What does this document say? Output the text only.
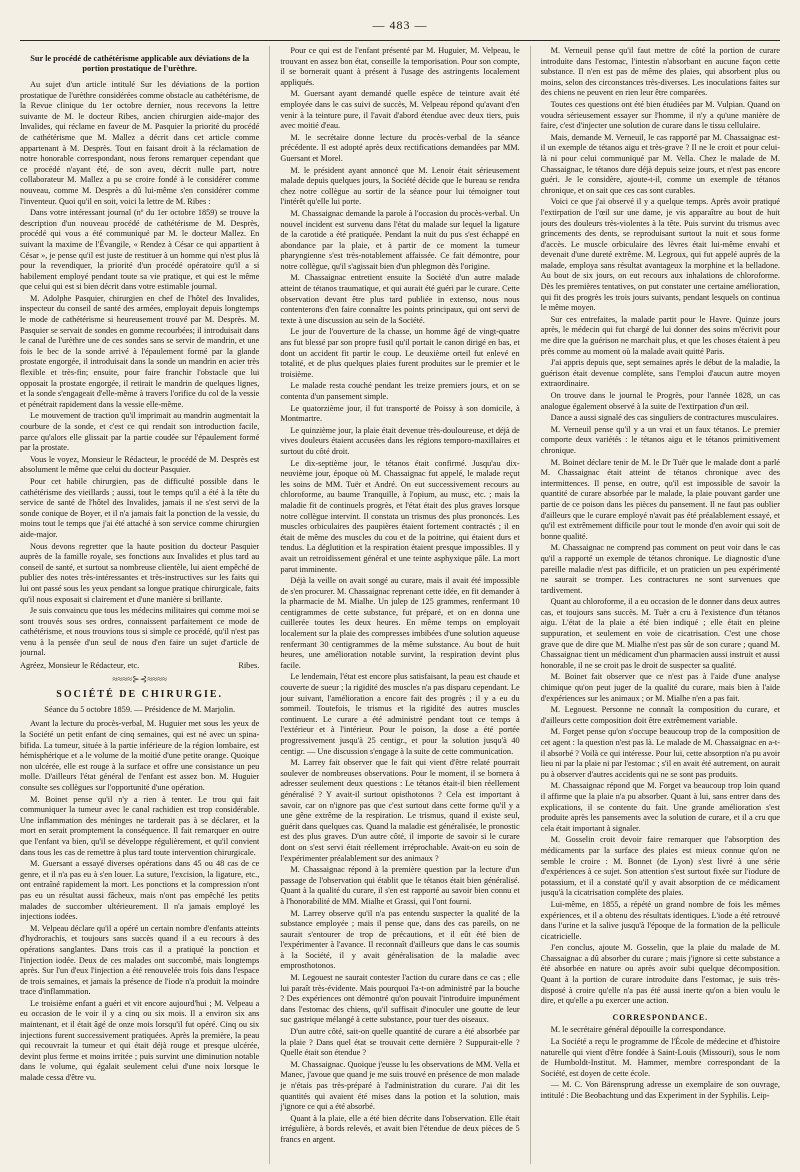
— 483 —
Sur le procédé de cathétérisme applicable aux déviations de la portion prostatique de l'urèthre.

Au sujet d'un article intitulé Sur les déviations de la portion prostatique de l'urèthre considérées comme obstacle au cathétérisme, de la Revue clinique du 1er octobre dernier, nous recevons la lettre suivante de M. le docteur Ribes, ancien chirurgien aide-major des Invalides, qui réclame en faveur de M. Pasquier la priorité du procédé de cathétérisme que M. Mallez a décrit dans cet article comme appartenant à M. Desprès. Tout en faisant droit à la réclamation de notre honorable correspondant, nous ferons remarquer cependant que ce procédé n'ayant été, de son aveu, décrit nulle part, notre collaborateur M. Mallez a pu se croire fondé à le considérer comme nouveau, comme M. Desprès a dû lui-même s'en considérer comme l'inventeur. Quoi qu'il en soit, voici la lettre de M. Ribes :

Dans votre intéressant journal (nº du 1er octobre 1859) se trouve la description d'un nouveau procédé de cathétérisme de M. Desprès, procédé qui vous a été communiqué par M. le docteur Mallez. En suivant la maxime de l'Évangile, « Rendez à César ce qui appartient à César », je pense qu'il est juste de restituer à un homme qui n'est plus là pour la revendiquer, la priorité d'un procédé opératoire qu'il a si habilement employé pendant toute sa vie pratique, et qui est le même que celui qui est si bien décrit dans votre estimable journal.

M. Adolphe Pasquier, chirurgien en chef de l'hôtel des Invalides, inspecteur du conseil de santé des armées, employait depuis longtemps le mode de cathétérisme si heureusement trouvé par M. Desprès. M. Pasquier se servait de sondes en gomme recourbées; il introduisait dans le canal de l'urèthre une de ces sondes sans se servir de mandrin, et une fois le bec de la sonde arrivé à l'épaulement formé par la glande prostate engorgée, il introduisait dans la sonde un mandrin en acier très flexible et très-fin; ensuite, pour faire franchir l'obstacle que lui opposait la prostate engorgée, il retirait le mandrin de quelques lignes, et la sonde s'engageait d'elle-même à travers l'orifice du col de la vessie et pénétrait rapidement dans la vessie elle-même.

Le mouvement de traction qu'il imprimait au mandrin augmentait la courbure de la sonde, et c'est ce qui rendait son introduction facile, parce qu'alors elle glissait par la partie coudée sur l'épaulement formé par la prostate.

Vous le voyez, Monsieur le Rédacteur, le procédé de M. Desprès est absolument le même que celui du docteur Pasquier.

Pour cet habile chirurgien, pas de difficulté possible dans le cathétérisme des vieillards ; aussi, tout le temps qu'il a été à la tête du service de santé de l'hôtel des Invalides, jamais il ne s'est servi de la sonde conique de Boyer, et il n'a jamais fait la ponction de la vessie, du moins tout le temps que j'ai été attaché à son service comme chirurgien aide-major.

Nous devons regretter que la haute position du docteur Pasquier auprès de la famille royale, ses fonctions aux Invalides et plus tard au conseil de santé, et surtout sa nombreuse clientèle, lui aient empêché de publier des notes très-intéressantes et très-instructives sur les faits qui lui ont passé sous les yeux pendant sa longue pratique chirurgicale, faits qu'il nous exposait si clairement et d'une manière si brillante.

Je suis convaincu que tous les médecins militaires qui comme moi se sont trouvés sous ses ordres, connaissent parfaitement ce mode de cathétérisme, et nous trouvions tous si simple ce procédé, qu'il n'est pas venu à la pensée d'un seul de nous d'en faire un sujet d'article de journal.

Agréez, Monsieur le Rédacteur, etc.	Ribes.
≈≈≈≈⊱⊰≈≈≈≈
SOCIÉTÉ DE CHIRURGIE.
Séance du 5 octobre 1859. — Présidence de M. Marjolin.

Avant la lecture du procès-verbal, M. Huguier met sous les yeux de la Société un petit enfant de cinq semaines, qui est né avec un spina-bifida. La tumeur, située à la partie inférieure de la région lombaire, est hémisphérique et a le volume de la moitié d'une petite orange. Quoique non ulcérée, elle est rouge à la surface et offre une consistance un peu molle. D'ailleurs l'état général de l'enfant est assez bon. M. Huguier consulte ses collègues sur l'opportunité d'une opération.

M. Boinet pense qu'il n'y a rien à tenter. Le trou qui fait communiquer la tumeur avec le canal rachidien est trop considérable. Une inflammation des méninges ne tarderait pas à se déclarer, et la mort en serait promptement la conséquence. Il fait remarquer en outre que l'enfant va bien, qu'il se développe régulièrement, et qu'il convient dans tous les cas de remettre à plus tard toute intervention chirurgicale.

M. Guersant a essayé diverses opérations dans 45 ou 48 cas de ce genre, et il n'a pas eu à s'en louer. La suture, l'excision, la ligature, etc., ont entraîné rapidement la mort. Les ponctions et la compression n'ont pas eu un résultat aussi fâcheux, mais n'ont pas empêché les petits malades de succomber ultérieurement. Il n'a jamais employé les injections iodées.

M. Velpeau déclare qu'il a opéré un certain nombre d'enfants atteints d'hydrorachis, et toujours sans succès quand il a eu recours à des opérations sanglantes. Dans trois cas il a pratiqué la ponction et l'injection iodée. Deux de ces malades ont succombé, mais longtemps après. Sur l'un d'eux l'injection a été renouvelée trois fois dans l'espace de trois semaines, et jamais la présence de l'iode n'a produit la moindre trace d'inflammation.

Le troisième enfant a guéri et vit encore aujourd'hui ; M. Velpeau a eu occasion de le voir il y a cinq ou six mois. Il a environ six ans maintenant, et il était âgé de onze mois lorsqu'il fut opéré. Cinq ou six injections furent successivement pratiquées. Après la première, la peau qui recouvrait la tumeur et qui était déjà rouge et presque ulcérée, devint plus ferme et moins irritée ; puis survint une diminution notable dans le volume, qui égalait seulement celui d'une noix lorsque le malade cessa d'être vu.

Pour ce qui est de l'enfant présenté par M. Huguier, M. Velpeau, le trouvant en assez bon état, conseille la temporisation. Pour son compte, il se bornerait quant à présent à l'usage des astringents localement appliqués.

M. Guersant ayant demandé quelle espèce de teinture avait été employée dans le cas suivi de succès, M. Velpeau répond qu'avant d'en venir à la teinture pure, il l'avait d'abord étendue avec deux tiers, puis avec moitié d'eau.

M. le secrétaire donne lecture du procès-verbal de la séance précédente. Il est adopté après deux rectifications demandées par MM. Guersant et Morel.

M. le président ayant annoncé que M. Lenoir était sérieusement malade depuis quelques jours, la Société décide que le bureau se rendra chez notre collègue au sortir de la séance pour lui témoigner tout l'intérêt qu'elle lui porte.

M. Chassaignac demande la parole à l'occasion du procès-verbal. Un nouvel incident est survenu dans l'état du malade sur lequel la ligature de la carotide a été pratiquée. Pendant la nuit du pus s'est échappé en abondance par la plaie, et à partir de ce moment la tumeur pharyngienne s'est très-notablement affaissée. Ce fait démontre, pour notre collègue, qu'il s'agissait bien d'un phlegmon dès l'origine.

M. Chassaignac entretient ensuite la Société d'un autre malade atteint de tétanos traumatique, et qui aurait été guéri par le curare. Cette observation devant être plus tard publiée in extenso, nous nous contenterons d'en faire connaître les points principaux, qui ont servi de texte à une discussion au sein de la Société.

Le jour de l'ouverture de la chasse, un homme âgé de vingt-quatre ans fut blessé par son propre fusil qu'il portait le canon dirigé en bas, et dont un accident fit partir le coup. Le deuxième orteil fut enlevé en totalité, et de plus quelques plaies furent produites sur le premier et le troisième.

Le malade resta couché pendant les treize premiers jours, et on se contenta d'un pansement simple.

Le quatorzième jour, il fut transporté de Poissy à son domicile, à Montmartre.

Le quinzième jour, la plaie était devenue très-douloureuse, et déjà de vives douleurs étaient accusées dans les régions temporo-maxillaires et surtout du côté droit.

Le dix-septième jour, le tétanos était confirmé. Jusqu'au dix-neuvième jour, époque où M. Chassaignac fut appelé, le malade reçut les soins de MM. Tuër et André. On eut successivement recours au chloroforme, au baume Tranquille, à l'opium, au musc, etc. ; mais la maladie fit de continuels progrès, et l'état était des plus graves lorsque notre collègue intervint. Il constata un trismus des plus prononcés. Les muscles orbiculaires des paupières étaient fortement contractés ; il en était de même des muscles du cou et de la poitrine, qui étaient durs et tendus. La déglutition et la respiration étaient presque impossibles. Il y avait un retroidissement général et une teinte asphyxique pâle. La mort parut imminente.

Déjà la veille on avait songé au curare, mais il avait été impossible de s'en procurer. M. Chassaignac reprenant cette idée, en fit demander à la pharmacie de M. Mialhe. Un julep de 125 grammes, renfermant 10 centigrammes de cette substance, fut préparé, et on en donna une cuillerée toutes les deux heures. En même temps on employait localement sur la plaie des compresses imbibées d'une solution aqueuse renfermant 30 centigrammes de la même substance. Au bout de huit heures, une amélioration notable survint, la respiration devint plus facile.

Le lendemain, l'état est encore plus satisfaisant, la peau est chaude et couverte de sueur ; la rigidité des muscles n'a pas disparu cependant. Le jour suivant, l'amélioration a encore fait des progrès ; il y a eu du sommeil. Toutefois, le trismus et la rigidité des autres muscles continuent. Le curare a été administré pendant tout ce temps à l'extérieur et à l'intérieur. Pour le poison, la dose a été portée progressivement jusqu'à 25 centigr., et pour la solution jusqu'à 40 centigr. — Une discussion s'engage à la suite de cette communication.

M. Larrey fait observer que le fait qui vient d'être relaté pourrait soulever de nombreuses observations. Pour le moment, il se bornera à adresser seulement deux questions : Le tétanos était-il bien réellement généralisé ? Y avait-il surtout opisthotonos ? Cela est important à savoir, car on n'ignore pas que c'est surtout dans cette forme qu'il y a une gêne extrême de la respiration. Le trismus, quand il existe seul, guérit dans quelques cas. Quand la maladie est généralisée, le pronostic est des plus graves. D'un autre côté, il importe de savoir si le curare dont on s'est servi était réellement irréprochable. Avait-on eu soin de l'expérimenter préalablement sur des animaux ?

M. Chassaignac répond à la première question par la lecture d'un passage de l'observation qui établit que le tétanos était bien généralisé. Quant à la qualité du curare, il s'en est rapporté au savoir bien connu et à l'honorabilité de MM. Mialhe et Grassi, qui l'ont fourni.

M. Larrey observe qu'il n'a pas entendu suspecter la qualité de la substance employée ; mais il pense que, dans des cas pareils, on ne saurait s'entourer de trop de précautions, et il eût été bien de l'expérimenter à l'avance. Il reconnaît d'ailleurs que dans le cas soumis à la Société, il y avait généralisation de la maladie avec emprosthotonos.

M. Legouest ne saurait contester l'action du curare dans ce cas ; elle lui paraît très-évidente. Mais pourquoi l'a-t-on administré par la bouche ? Des expériences ont démontré qu'on pouvait l'introduire impunément dans l'estomac des chiens, qu'il suffisait d'inoculer une goutte de leur suc gastrique mélangé à cette substance, pour tuer des oiseaux.

D'un autre côté, sait-on quelle quantité de curare a été absorbée par la plaie ? Dans quel état se trouvait cette dernière ? Suppurait-elle ? Quelle était son étendue ?

M. Chassaignac. Quoique j'eusse lu les observations de MM. Vella et Manec, j'avoue que quand je me suis trouvé en présence de mon malade je n'étais pas très-préparé à l'administration du curare. J'ai dit les quantités qui avaient été mises dans la potion et la solution, mais j'ignore ce qui a été absorbé.

Quant à la plaie, elle a été bien décrite dans l'observation. Elle était irrégulière, à bords relevés, et avait bien l'étendue de deux pièces de 5 francs en argent.

M. Verneuil pense qu'il faut mettre de côté la portion de curare introduite dans l'estomac, l'intestin n'absorbant en aucune façon cette substance. Il n'en est pas de même des plaies, qui absorbent plus ou moins, selon des circonstances très-diverses. Les inoculations faites sur des chiens ne peuvent en rien leur être comparées.

Toutes ces questions ont été bien étudiées par M. Vulpian. Quand on voudra sérieusement essayer sur l'homme, il n'y a qu'une manière de faire, c'est d'injecter une solution de curare dans le tissu cellulaire.

Mais, demande M. Verneuil, le cas rapporté par M. Chassaignac est-il un exemple de tétanos aigu et très-grave ? Il ne le croit et pour celui-là ni pour celui communiqué par M. Vella. Chez le malade de M. Chassaignac, le tétanos dure déjà depuis seize jours, et n'est pas encore guéri. Je le considère, ajoute-t-il, comme un exemple de tétanos chronique, et on sait que ces cas sont curables.

Voici ce que j'ai observé il y a quelque temps. Après avoir pratiqué l'extirpation de l'œil sur une dame, je vis apparaître au bout de huit jours des douleurs très-violentes à la tête. Puis survint du trismus avec grincements des dents, se reproduisant surtout la nuit et sous forme d'accès. Le muscle orbiculaire des lèvres était lui-même envahi et devenait d'une dureté extrême. M. Legroux, qui fut appelé auprès de la malade, employa sans résultat avantageux la morphine et la belladone. Au bout de six jours, on eut recours aux inhalations de chloroforme. Dès les premières tentatives, on put constater une certaine amélioration, qui fit des progrès les trois jours suivants, pendant lesquels on continua le même moyen.

Sur ces entrefaites, la malade partit pour le Havre. Quinze jours après, le médecin qui fut chargé de lui donner des soins m'écrivit pour me dire que la guérison ne marchait plus, et que les choses étaient à peu près comme au moment où la malade avait quitté Paris.

J'ai appris depuis que, sept semaines après le début de la maladie, la guérison était devenue complète, sans l'emploi d'aucun autre moyen extraordinaire.

On trouve dans le journal le Progrès, pour l'année 1828, un cas analogue également observé à la suite de l'extirpation d'un œil.

Dance a aussi signalé des cas singuliers de contractures musculaires.

M. Verneuil pense qu'il y a un vrai et un faux tétanos. Le premier comporte deux variétés : le tétanos aigu et le tétanos primitivement chronique.

M. Boinet déclare tenir de M. le Dr Tuër que le malade dont a parlé M. Chassaignac était atteint de tétanos chronique avec des intermittences. Il pense, en outre, qu'il est impossible de savoir la quantité de curare absorbée par le malade, la plaie pouvant garder une partie de ce poison dans les pièces du pansement. Il ne faut pas oublier d'ailleurs que le curare employé n'avait pas été préalablement essayé, et qu'il est extrêmement difficile pour tout le monde d'en avoir qui soit de bonne qualité.

M. Chassaignac ne comprend pas comment on peut voir dans le cas qu'il a rapporté un exemple de tétanos chronique. Le diagnostic d'une pareille maladie n'est pas difficile, et un praticien un peu expérimenté ne saurait se tromper. Les contractures ne sont survenues que tardivement.

Quant au chloroforme, il a eu occasion de le donner dans deux autres cas, et toujours sans succès. M. Tuër a cru à l'existence d'un tétanos aigu. L'état de la plaie a été bien indiqué ; elle était en pleine suppuration, et seulement en voie de cicatrisation. C'est une chose grave que de dire que M. Mialhe n'est pas sûr de son curare ; quand M. Chassaignac tient un médicament d'un pharmacien aussi instruit et aussi honorable, il ne se croit pas le droit de suspecter sa qualité.

M. Boinet fait observer que ce n'est pas à l'aide d'une analyse chimique qu'on peut juger de la qualité du curare, mais bien à l'aide d'expériences sur les animaux ; or M. Mialhe n'en a pas fait.

M. Legouest. Personne ne connaît la composition du curare, et d'ailleurs cette composition doit être extrêmement variable.

M. Forget pense qu'on s'occupe beaucoup trop de la composition de cet agent : la question n'est pas là. Le malade de M. Chassaignac en a-t-il absorbé ? Voilà ce qui intéresse. Pour lui, cette absorption n'a pu avoir lieu ni par la plaie ni par l'estomac ; s'il en avait été autrement, on aurait pu à observer d'autres accidents qui ne se sont pas produits.

M. Chassaignac répond que M. Forget va beaucoup trop loin quand il affirme que la plaie n'a pu absorber. Quant à lui, sans entrer dans des explications, il se contente du fait. Une grande amélioration s'est produite après les pansements avec la solution de curare, et il a cru que cela était important à signaler.

M. Gosselin croit devoir faire remarquer que l'absorption des médicaments par la surface des plaies est mieux connue qu'on ne semble le croire : M. Bonnet (de Lyon) s'est livré à une série d'expériences à ce sujet. Son attention s'est surtout fixée sur l'iodure de potassium, et il a constaté qu'il y avait absorption de ce médicament jusqu'à la cicatrisation complète des plaies.

Lui-même, en 1855, a répété un grand nombre de fois les mêmes expériences, et il a obtenu des résultats identiques. L'iode a été retrouvé dans l'urine et la salive jusqu'à l'époque de la formation de la pellicule cicatricielle.

J'en conclus, ajoute M. Gosselin, que la plaie du malade de M. Chassaignac a dû absorber du curare ; mais j'ignore si cette substance a été absorbée en nature ou après avoir subi quelque décomposition. Quant à la portion de curare introduite dans l'estomac, je suis très-disposé à croire qu'elle n'a pas été aussi inerte qu'on a bien voulu le dire, et qu'elle a pu exercer une action.

CORRESPONDANCE.

M. le secrétaire général dépouille la correspondance.

La Société a reçu le programme de l'École de médecine et d'histoire naturelle qui vient d'être fondée à Saint-Louis (Missouri), sous le nom de Humboldt-Institut. M. Hammer, membre correspondant de la Société, est doyen de cette école.

— M. C. Von Bärensprung adresse un exemplaire de son ouvrage, intitulé : Die Beobachtung und das Experiment in der Syphilis. Leip-
